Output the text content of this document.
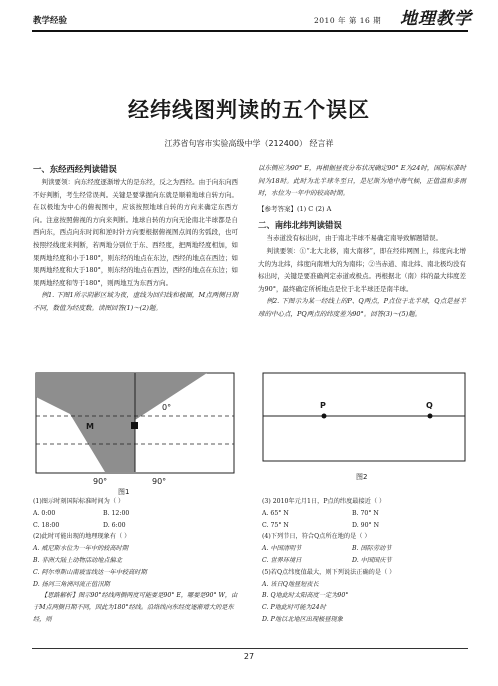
教学经验	2010 年 第 16 期 地理教学
经纬线图判读的五个误区
江苏省句容市实验高级中学（212400） 经言祥

一、东经西经判读错误

判读要领：向东经度逐渐增大的是东经，反之为西经。由于向东向西不好判断，考生经常误判。关键是要掌握向东就是顺着地球自转方向。在以极地为中心的俯视图中，应该按照地球自转的方向来确定东西方向。注意按照俯视的方向来判断。地球自转的方向无论南北半球都是自西向东，西点向东时间和逆时针方向要根据俯视图点间的劣弧段，也可按照经线度来判断，若两地分别位于东、西经度，把两地经度相加，如果两地经度和小于180°，则东经的地点在东边，西经的地点在西边；如果两地经度和大于180°，则东经的地点在西边，西经的地点在东边；如果两地经度和等于180°，则两地互为东西方向。

例1. 下图1所示阴影区域为夜，虚线为回归线和极圈，M点两侧日期不同，数值为经度数。读图回答(1)～(2)题。

以东侧应为90° E，再根据昼夜分布状况确定90° E为24时，国际标准时间为18时。此时为北半球冬至日，是尼斯为地中海气候，正值温和多雨时，水位为一年中的较高时期。

【参考答案】(1) C (2) A

二、南纬北纬判读错误

当赤道没有标出时，由于南北半球不易确定南导致解题错误。

判读要领：①“北大北移，南大南移”，即在经纬网图上，纬度向北增大的为北纬，纬度向南增大的为南纬；②当赤道、南北纬、南北极均没有标出时，关键是要准确判定赤道或极点。再根据北（南）纬的最大纬度差为90°，最终确定所析地点是位于北半球还是南半球。

例2. 下图示为某一经线上的P、Q两点，P点位于北半球，Q点是昼半球的中心点，PQ两点的纬度差为90°。回答(3)～(5)题。

M
0°
90°	90°
图1
P	Q
图2

(1)图示时刻国际标准时间为（ ）

A. 0:00	B. 12:00

C. 18:00	D. 6:00

(2)此时可能出现的地理现象有（ ）

A. 威尼斯水位为一年中的较高时期

B. 非洲大陆上动物活动地点偏北

C. 阿尔卑斯山南坡雪线达一年中较高时期

D. 扬河三角洲河流正值汛期

【思路解析】图示90°经线两侧两度可能要是90° E，哪要是90° W，由于M点两侧日期不同，因此为180°经线。沿络线向东经度逐渐增大的是东经，则

(3) 2010年元月1日，P点的纬度最接近（ ）

A. 65° N	B. 70° N

C. 75° N	D. 90° N

(4)下列节日，符合Q点所在地的是（ ）

A. 中国清明节	B. 国际劳动节

C. 世界环境日	D. 中国国庆节

(5)若Q点纬度值最大，则下列说法正确的是（ ）

A. 该日Q地昼短夜长

B. Q地此时太阳高度一定为90°

C. P地此时可能为24时

D. P地以北地区出现极昼现象

27
